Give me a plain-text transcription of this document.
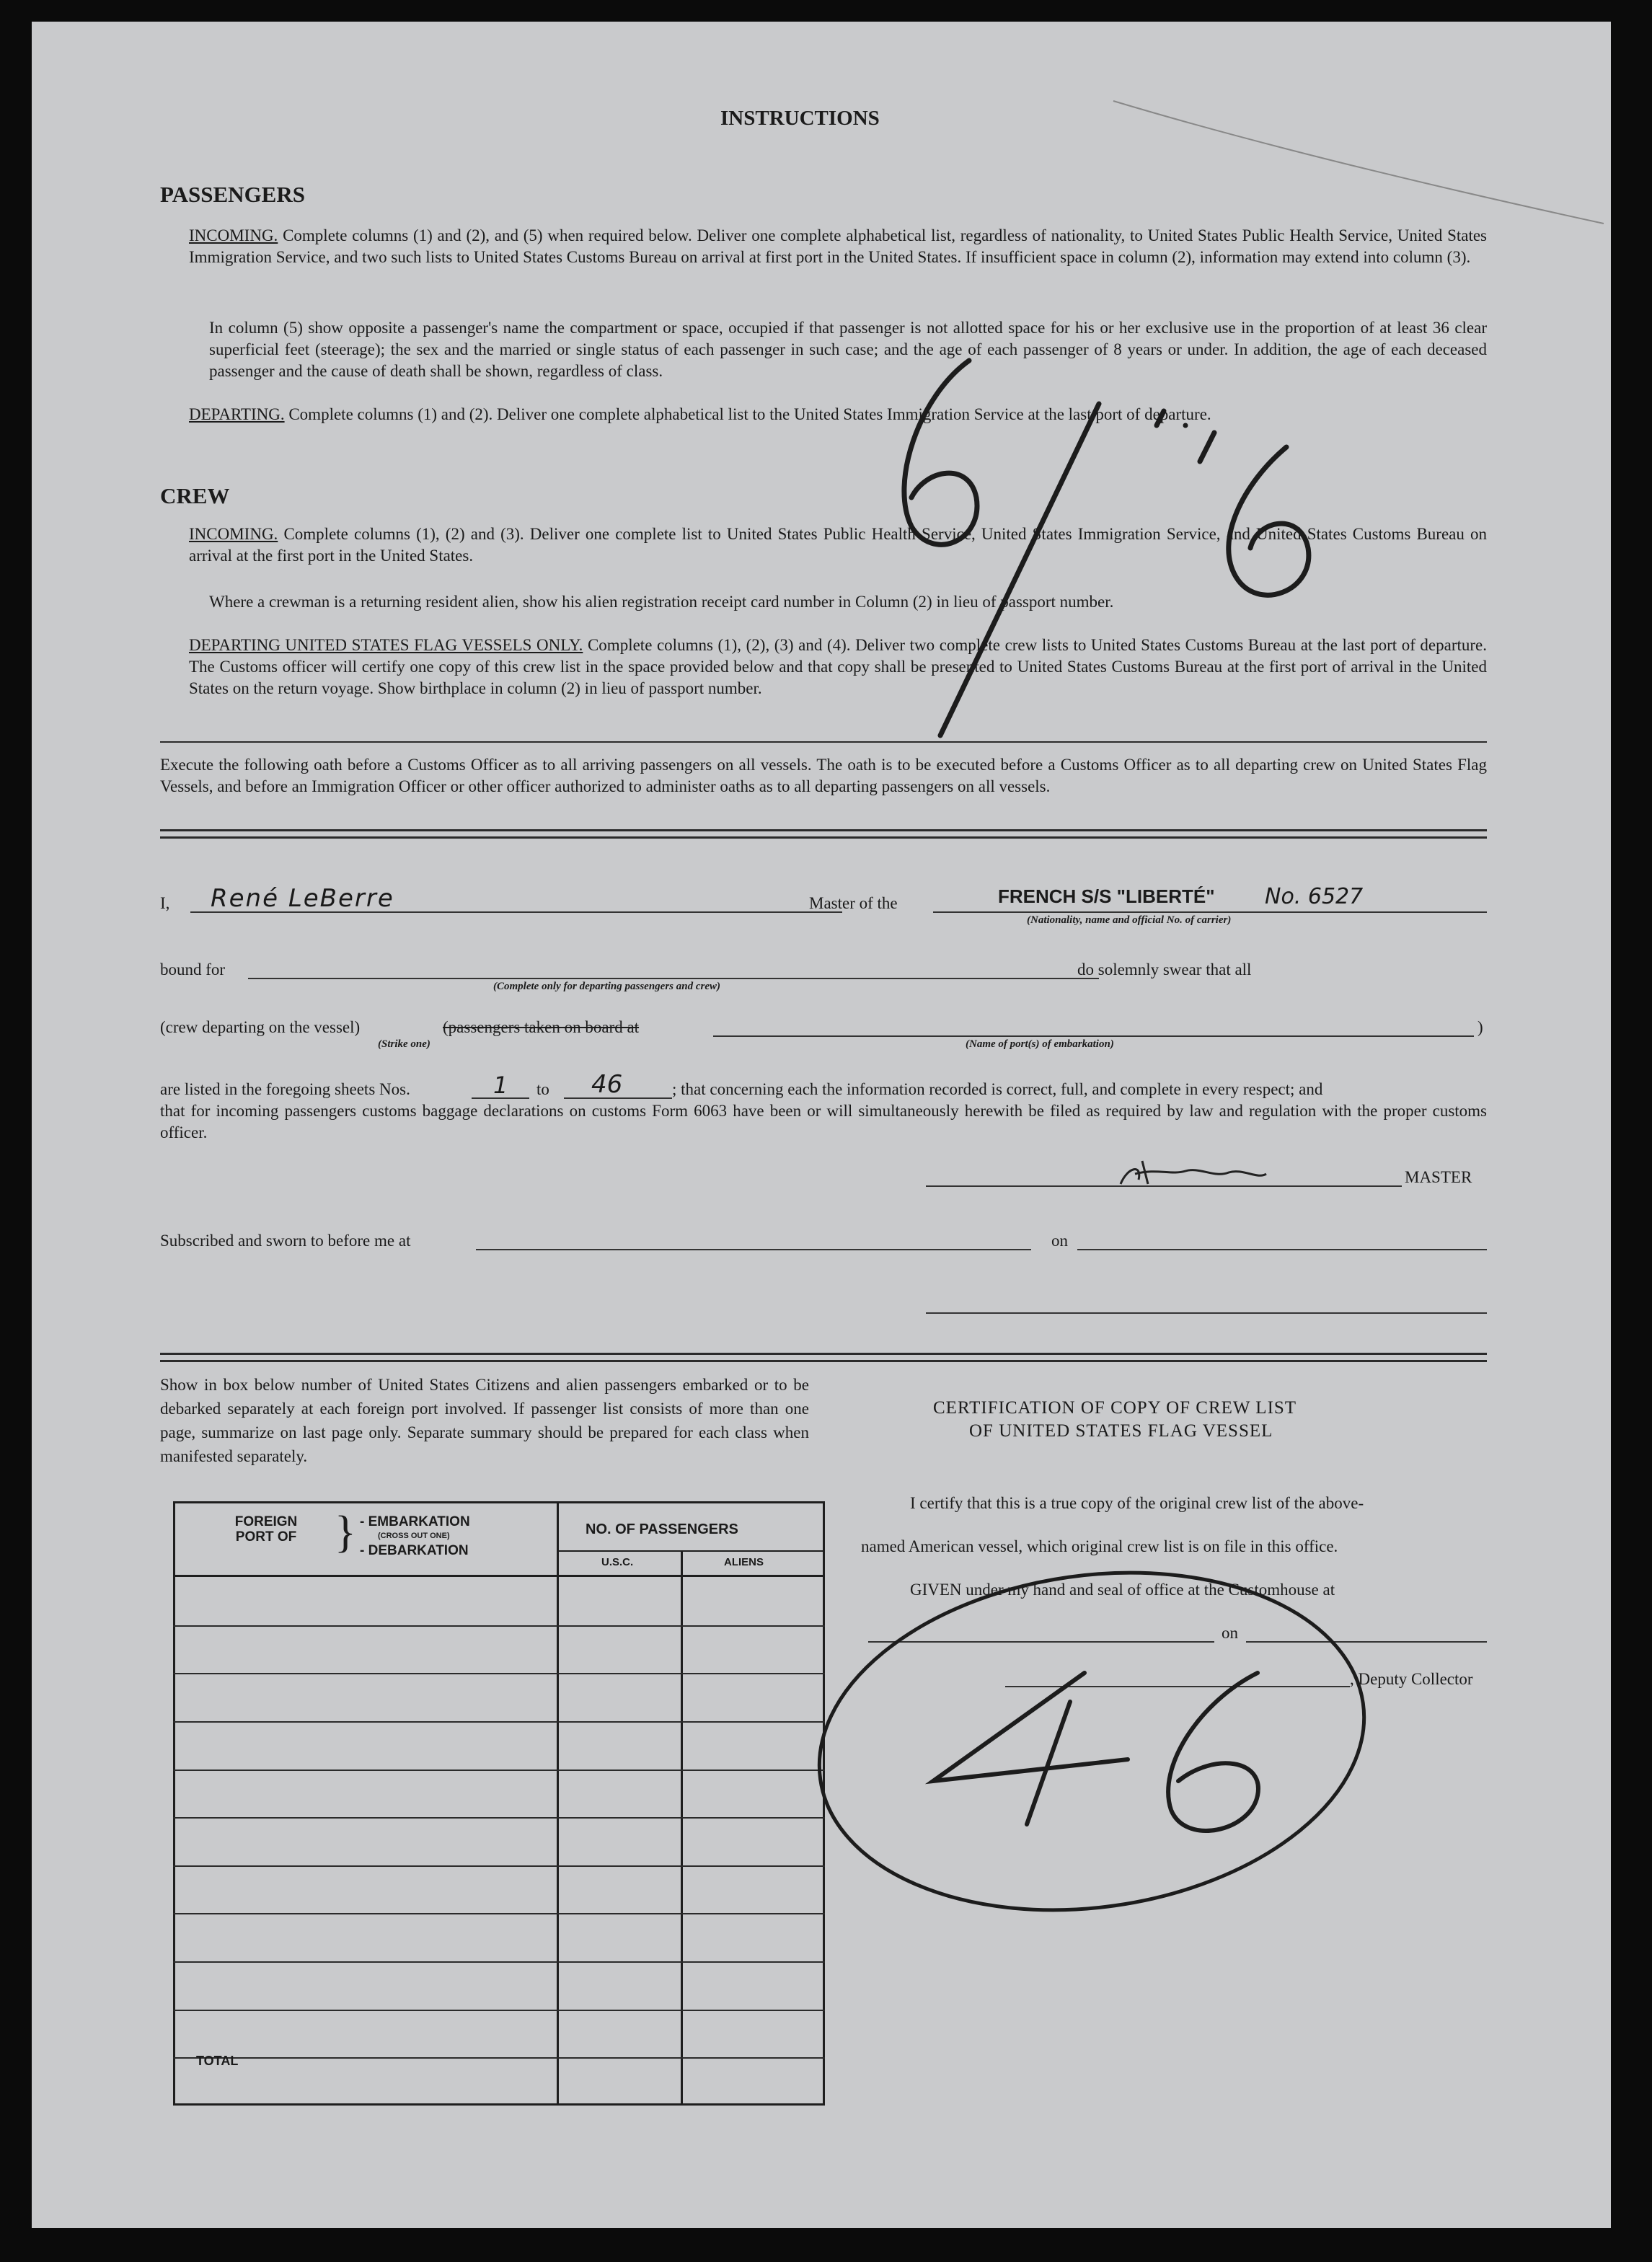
INSTRUCTIONS
PASSENGERS
INCOMING. Complete columns (1) and (2), and (5) when required below. Deliver one complete alphabetical list, regardless of nationality, to United States Public Health Service, United States Immigration Service, and two such lists to United States Customs Bureau on arrival at first port in the United States. If insufficient space in column (2), information may extend into column (3).
In column (5) show opposite a passenger's name the compartment or space, occupied if that passenger is not allotted space for his or her exclusive use in the proportion of at least 36 clear superficial feet (steerage); the sex and the married or single status of each passenger in such case; and the age of each passenger of 8 years or under. In addition, the age of each deceased passenger and the cause of death shall be shown, regardless of class.
DEPARTING. Complete columns (1) and (2). Deliver one complete alphabetical list to the United States Immigration Service at the last port of departure.
CREW
INCOMING. Complete columns (1), (2) and (3). Deliver one complete list to United States Public Health Service, United States Immigration Service, and United States Customs Bureau on arrival at the first port in the United States.
Where a crewman is a returning resident alien, show his alien registration receipt card number in Column (2) in lieu of passport number.
DEPARTING UNITED STATES FLAG VESSELS ONLY. Complete columns (1), (2), (3) and (4). Deliver two complete crew lists to United States Customs Bureau at the last port of departure. The Customs officer will certify one copy of this crew list in the space provided below and that copy shall be presented to United States Customs Bureau at the first port of arrival in the United States on the return voyage. Show birthplace in column (2) in lieu of passport number.
Execute the following oath before a Customs Officer as to all arriving passengers on all vessels. The oath is to be executed before a Customs Officer as to all departing crew on United States Flag Vessels, and before an Immigration Officer or other officer authorized to administer oaths as to all departing passengers on all vessels.
I, René LeBerre	Master of the	FRENCH S/S "LIBERTÉ" No. 6527
(Nationality, name and official No. of carrier)
bound for
(Complete only for departing passengers and crew)
do solemnly swear that all
(crew departing on the vessel)	(passengers taken on board at	)
(Strike one)	(Name of port(s) of embarkation)
are listed in the foregoing sheets Nos.	1 to 46	; that concerning each the information recorded is correct, full, and complete in every respect; and
that for incoming passengers customs baggage declarations on customs Form 6063 have been or will simultaneously herewith be filed as required by law and regulation with the proper customs officer.
MASTER
Subscribed and sworn to before me at	on
Show in box below number of United States Citizens and alien passengers embarked or to be debarked separately at each foreign port involved. If passenger list consists of more than one page, summarize on last page only. Separate summary should be prepared for each class when manifested separately.
FOREIGN PORT OF } - EMBARKATION
(CROSS OUT ONE)
- DEBARKATION
NO. OF PASSENGERS
U.S.C.	ALIENS
TOTAL
CERTIFICATION OF COPY OF CREW LIST
OF UNITED STATES FLAG VESSEL
I certify that this is a true copy of the original crew list of the above-
named American vessel, which original crew list is on file in this office.
GIVEN under my hand and seal of office at the Customhouse at
on
, Deputy Collector
